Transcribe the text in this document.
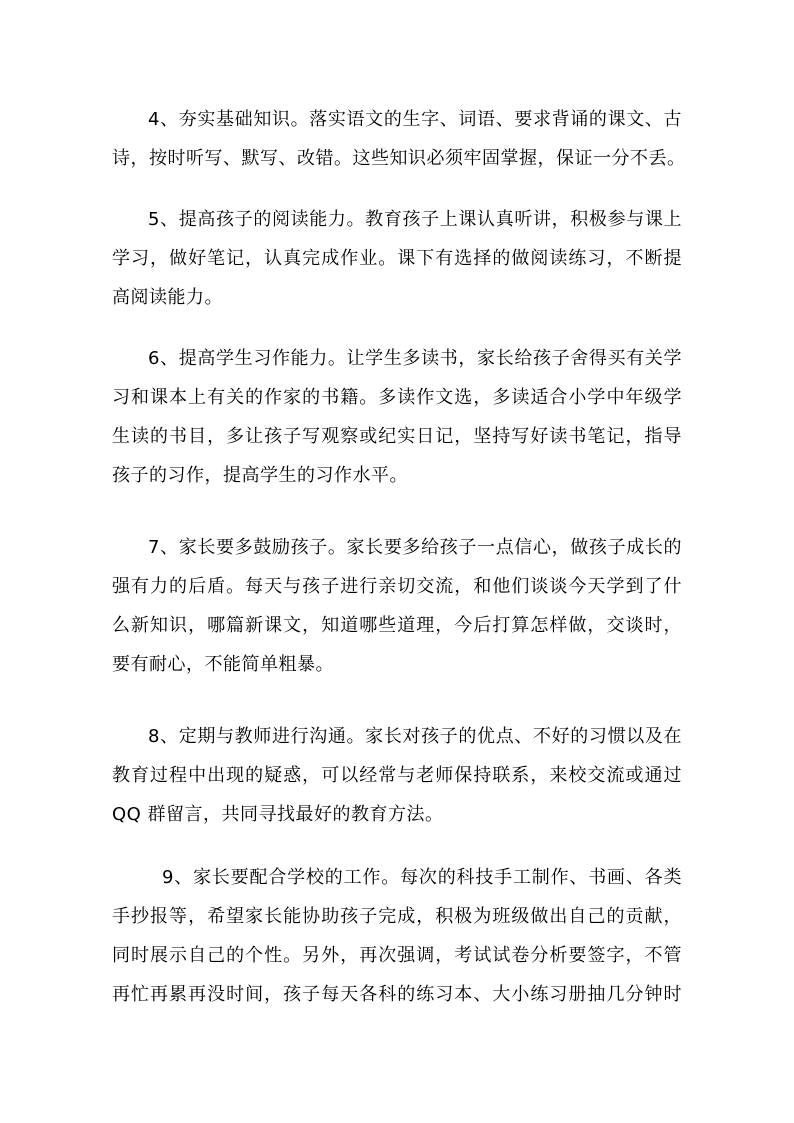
4、夯实基础知识。落实语文的生字、词语、要求背诵的课文、古
诗，按时听写、默写、改错。这些知识必须牢固掌握，保证一分不丢。
5、提高孩子的阅读能力。教育孩子上课认真听讲，积极参与课上
学习，做好笔记，认真完成作业。课下有选择的做阅读练习，不断提
高阅读能力。
6、提高学生习作能力。让学生多读书，家长给孩子舍得买有关学
习和课本上有关的作家的书籍。多读作文选，多读适合小学中年级学
生读的书目，多让孩子写观察或纪实日记，坚持写好读书笔记，指导
孩子的习作，提高学生的习作水平。
7、家长要多鼓励孩子。家长要多给孩子一点信心，做孩子成长的
强有力的后盾。每天与孩子进行亲切交流，和他们谈谈今天学到了什
么新知识，哪篇新课文，知道哪些道理，今后打算怎样做，交谈时，
要有耐心，不能简单粗暴。
8、定期与教师进行沟通。家长对孩子的优点、不好的习惯以及在
教育过程中出现的疑惑，可以经常与老师保持联系，来校交流或通过
QQ 群留言，共同寻找最好的教育方法。
9、家长要配合学校的工作。每次的科技手工制作、书画、各类
手抄报等，希望家长能协助孩子完成，积极为班级做出自己的贡献，
同时展示自己的个性。另外，再次强调，考试试卷分析要签字，不管
再忙再累再没时间，孩子每天各科的练习本、大小练习册抽几分钟时
